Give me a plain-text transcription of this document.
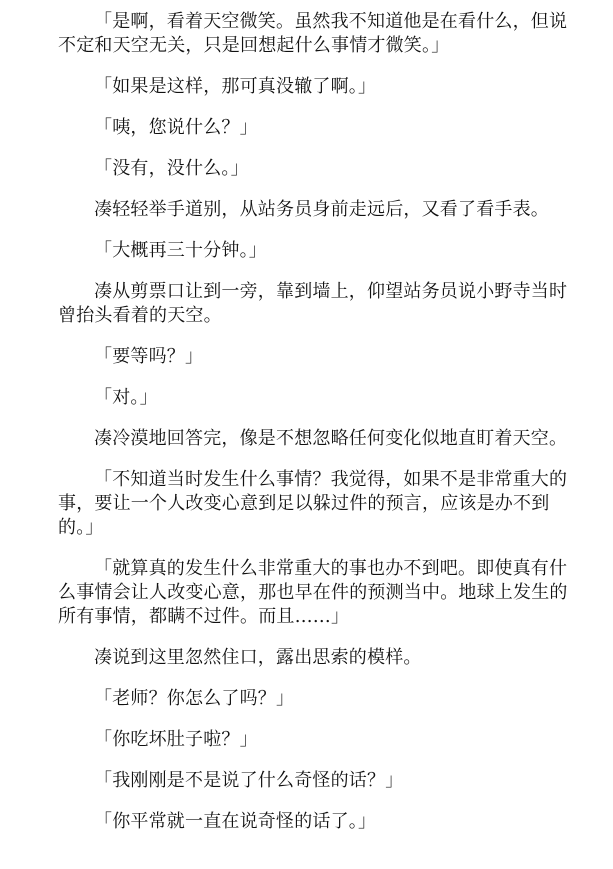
「是啊，看着天空微笑。虽然我不知道他是在看什么，但说不定和天空无关，只是回想起什么事情才微笑。」

「如果是这样，那可真没辙了啊。」

「咦，您说什么？」

「没有，没什么。」

凑轻轻举手道别，从站务员身前走远后，又看了看手表。

「大概再三十分钟。」

凑从剪票口让到一旁，靠到墙上，仰望站务员说小野寺当时曾抬头看着的天空。

「要等吗？」

「对。」

凑冷漠地回答完，像是不想忽略任何变化似地直盯着天空。

「不知道当时发生什么事情？我觉得，如果不是非常重大的事，要让一个人改变心意到足以躲过件的预言，应该是办不到的。」

「就算真的发生什么非常重大的事也办不到吧。即使真有什么事情会让人改变心意，那也早在件的预测当中。地球上发生的所有事情，都瞒不过件。而且……」

凑说到这里忽然住口，露出思索的模样。

「老师？你怎么了吗？」

「你吃坏肚子啦？」

「我刚刚是不是说了什么奇怪的话？」

「你平常就一直在说奇怪的话了。」
